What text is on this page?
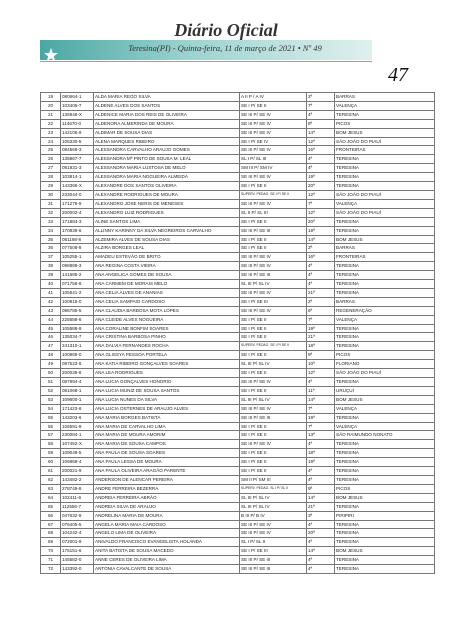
Diário Oficial
Teresina(PI) - Quinta-feira, 11 de março de 2021 • Nº 49
47
19	080664-1	ALDA MARIA REGO SILVA	A II P / A IV	2ª	BARRAS
20	103405-7	ALDENE ALVES DOS SANTOS	SE I P/ SE II	7ª	VALENÇA
21	135946-X	ALDENICE MARIA DOS REIS DE OLIVEIRA	SE III P/ SE IV	4ª	TERESINA
22	114670-0	ALDENORA ALMERINDA DE MOURA	SE III P/ SE IV	8ª	PICOS
23	142106-9	ALDIMAR DE SOUSA DIAS	SE III P/ SE IV	14ª	BOM JESUS
24	106330-5	ALENA MARQUES RIBEIRO	SE I P/ SE IV	12ª	SÃO JOÃO DO PIAUÍ
25	084569-3	ALESSANDRA CARVALHO ARAUJO GOMES	SE III P/ SE IV	16ª	FRONTEIRAS
26	135867-7	ALESSANDRA Mª PINTO DE SOUSA M. LEAL	SL I P/ SL III	4ª	TERESINA
27	081831-3	ALESSANDRA MARIA LUSTOSA DE MELO	SM III P/ SM IV	4ª	TERESINA
28	103814-1	ALESSANDRA MARIA NOGUEIRA ALMEIDA	SE III P/ SE IV	19ª	TERESINA
29	143366-X	ALEXANDRE DOS SANTOS OLIVEIRA	SE I P/ SE II	20ª	TERESINA
30	233044-0	ALEXANDRE RODRIGUES DE MOURA	SUPERV. PEDAG. SE I P/ SE II	12ª	SÃO JOÃO DO PIAUÍ
31	171279-9	ALEXANDRO JOSE NERIS DE MENESES	SE III P/ SE IV	7ª	VALENÇA
32	200002-4	ALEXANDRO LUIZ RODRIGUES	SL II P/ SL III	12ª	SÃO JOÃO DO PIAUÍ
33	171884-3	ALINE SANTOS LIMA	SE I P/ SE II	20ª	TERESINA
34	170836-6	ALLINNY KARINNY DA SILVA NEGREIROS CARVALHO	SE III P/ SE III	19ª	TERESINA
35	081168-8	ALZEMIRA ALVES DE SOUSA DIAS	SE I P/ SE II	14ª	BOM JESUS
36	077508-8	ALZIRA BORGES LEAL	SE I P/ SE II	2ª	BARRAS
37	105255-1	AMADEU ESTEVÃO DE BRITO	SE III P/ SE IV	16ª	FRONTEIRAS
38	098886-3	ANA REGINA COSTA VIEIRA	SE III P/ SE IV	4ª	TERESINA
39	141586-2	ANA ANGELICA GOMES DE SOUSA	SE III P/ SE III	4ª	TERESINA
40	071756-8	ANA CARMEM DE MORAIS MELO	SL III P/ SL IV	4ª	TERESINA
41	105541-2	ANA CELIA ALVES DE ANANIAS	SE III P/ SE IV	21ª	TERESINA
42	100915-0	ANA CELIA SAMPAIO CARDOSO	SE I P/ SE III	2ª	BARRAS
43	096785-5	ANA CLAUDIA BARBOSA MOTA LOPES	SE III P/ SE IV	6ª	REGENERAÇÃO
44	225688-6	ANA CLEIDE ALVES NOGUEIRA	SE I P/ SE II	7ª	VALENÇA
45	105588-9	ANA CORALINE BONFIM SOARES	SE I P/ SE II	19ª	TERESINA
46	135034-7	ANA CRISTINA BARBOSA PINHO	SE I P/ SE II	21ª	TERESINA
47	241310-1	ANA DALVIA FERNANDES ROCHA	SUPERV. PEDAG. SE I P/ SE II	18ª	TERESINA
48	100965-0	ANA GLISSYA PESSOA PORTELA	SE I P/ SE II	9ª	PICOS
49	087523-6	ANA KATIA RIBEIRO GONÇALVES SOARES	SL III P/ SL IV	10ª	FLORIANO
50	200035-6	ANA LEA RODRIGUES	SE I P/ SE II	12ª	SÃO JOÃO DO PIAUÍ
51	087894-4	ANA LUCIA GONÇALVES HONORIO	SE III P/ SE IV	4ª	TERESINA
52	081068-1	ANA LUCIA MUNIZ DE SOUSA SANTOS	SE I P/ SE II	11ª	URUÇUÍ
53	109600-1	ANA LUCIA NUNES DA SILVA	SL III P/ SL IV	14ª	BOM JESUS
54	171423-6	ANA LUCIA OSTERNES DE ARAUJO ALVES	SE III P/ SE IV	7ª	VALENÇA
55	143203-6	ANA MARIA BORGES BATISTA	SE III P/ SE III	19ª	TERESINA
56	106591-9	ANA MARIA DE CARVALHO LIMA	SE I P/ SE II	7ª	VALENÇA
57	230084-1	ANA MARIA DE MOURA AMORIM	SE I P/ SE II	13ª	SÃO RAIMUNDO NONATO
58	107452-X	ANA MARIA DE SOUSA CAMPOS	SE III P/ SE IV	4ª	TERESINA
59	109049-5	ANA PAULA DE SOUSA SOARES	SE I P/ SE II	18ª	TERESINA
60	106869-4	ANA PAULA LESSA DE MOURA	SE I P/ SE II	19ª	TERESINA
61	200021-9	ANA PAULA OLIVEIRA ARAGÃO PARENTE	SE I P/ SE II	4ª	TERESINA
62	143482-2	ANDERSON DE ALENCAR PEREIRA	SM II P/ SM III	4ª	TERESINA
63	278749-8	ANDRE FERREIRA BEZERRA	SUPERV. PEDAG. SL I P/ SL II	9ª	PICOS
64	102411-6	ANDREIA FERREIRA ABRÃO	SL III P/ SL IV	14ª	BOM JESUS
65	112556-7	ANDREIA SILVA DE ARAUJO	SL III P/ SL IV	21ª	TERESINA
66	047632-9	ANDRELINA MARIA DE MOURA	B III P/ B IV	3ª	PIRIPIRI
67	076405-5	ANGELA MARIA MAIA CARDOSO	SE III P/ SE IV	4ª	TERESINA
68	104242-4	ANGELO LIMA DE OLIVEIRA	SE III P/ SE IV	20ª	TERESINA
69	072001-9	ANIVALDO FRANCISCO EVANGELISTA HOLANDA	SL I P/ SL II	4ª	TERESINA
70	175151-6	ANITA BATISTA DE SOUSA MACEDO	SE I P/ SE III	14ª	BOM JESUS
71	145582-0	ANNE CERES DE OLIVEIRA LIMA	SE III P/ SE III	4ª	TERESINA
72	143392-0	ANTONIA CAVALCANTE DE SOUSA	SE III P/ SE III	4ª	TERESINA
